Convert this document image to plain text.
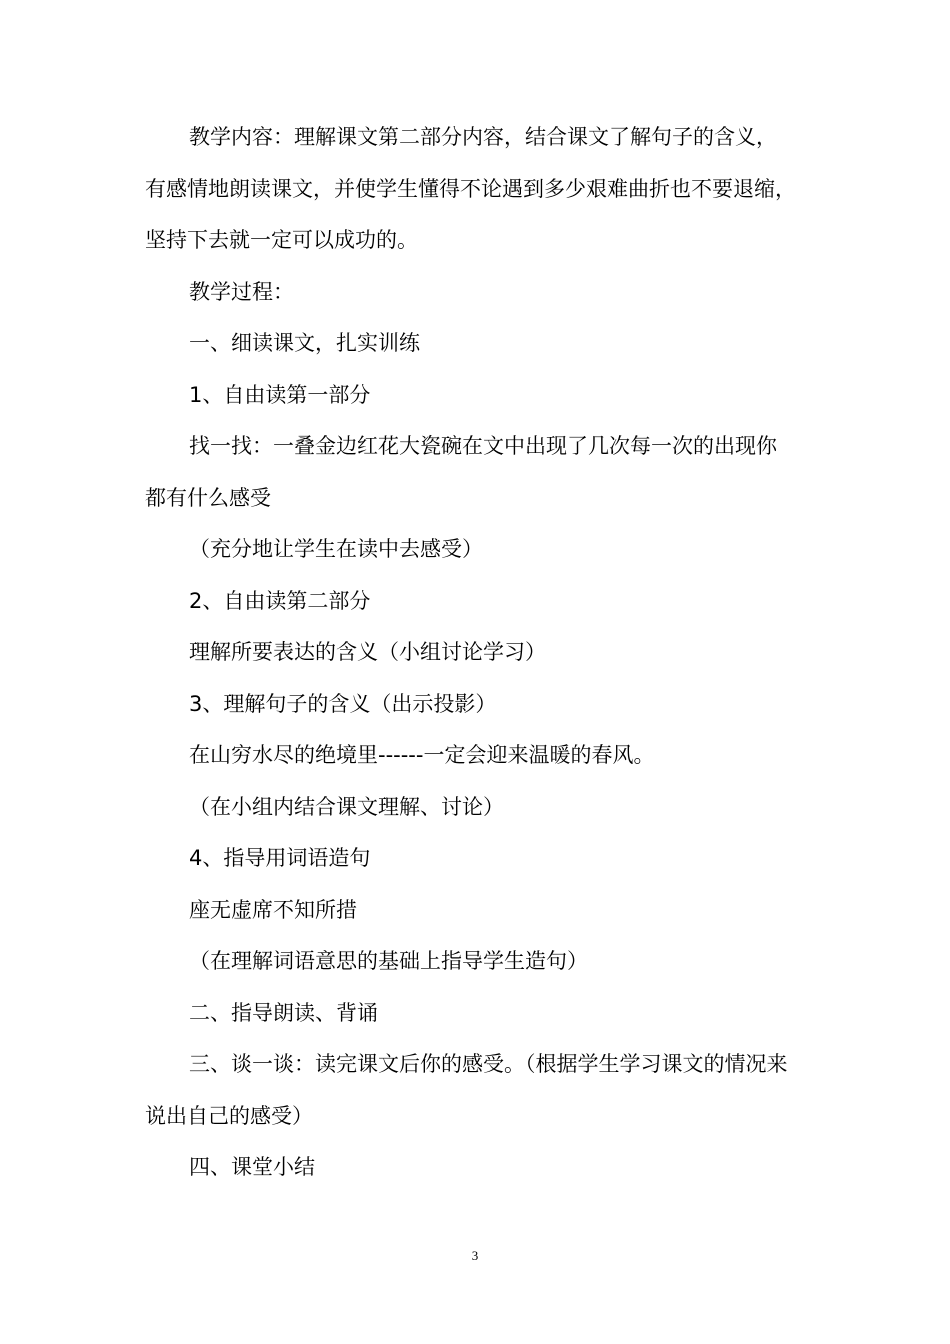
教学内容：理解课文第二部分内容，结合课文了解句子的含义，有感情地朗读课文，并使学生懂得不论遇到多少艰难曲折也不要退缩，坚持下去就一定可以成功的。

教学过程：

一、细读课文，扎实训练

1、自由读第一部分

找一找：一叠金边红花大瓷碗在文中出现了几次每一次的出现你都有什么感受

（充分地让学生在读中去感受）

2、自由读第二部分

理解所要表达的含义（小组讨论学习）

3、理解句子的含义（出示投影）

在山穷水尽的绝境里------一定会迎来温暖的春风。

（在小组内结合课文理解、讨论）

4、指导用词语造句

座无虚席不知所措

（在理解词语意思的基础上指导学生造句）

二、指导朗读、背诵

三、谈一谈：读完课文后你的感受。（根据学生学习课文的情况来说出自己的感受）

四、课堂小结

3
